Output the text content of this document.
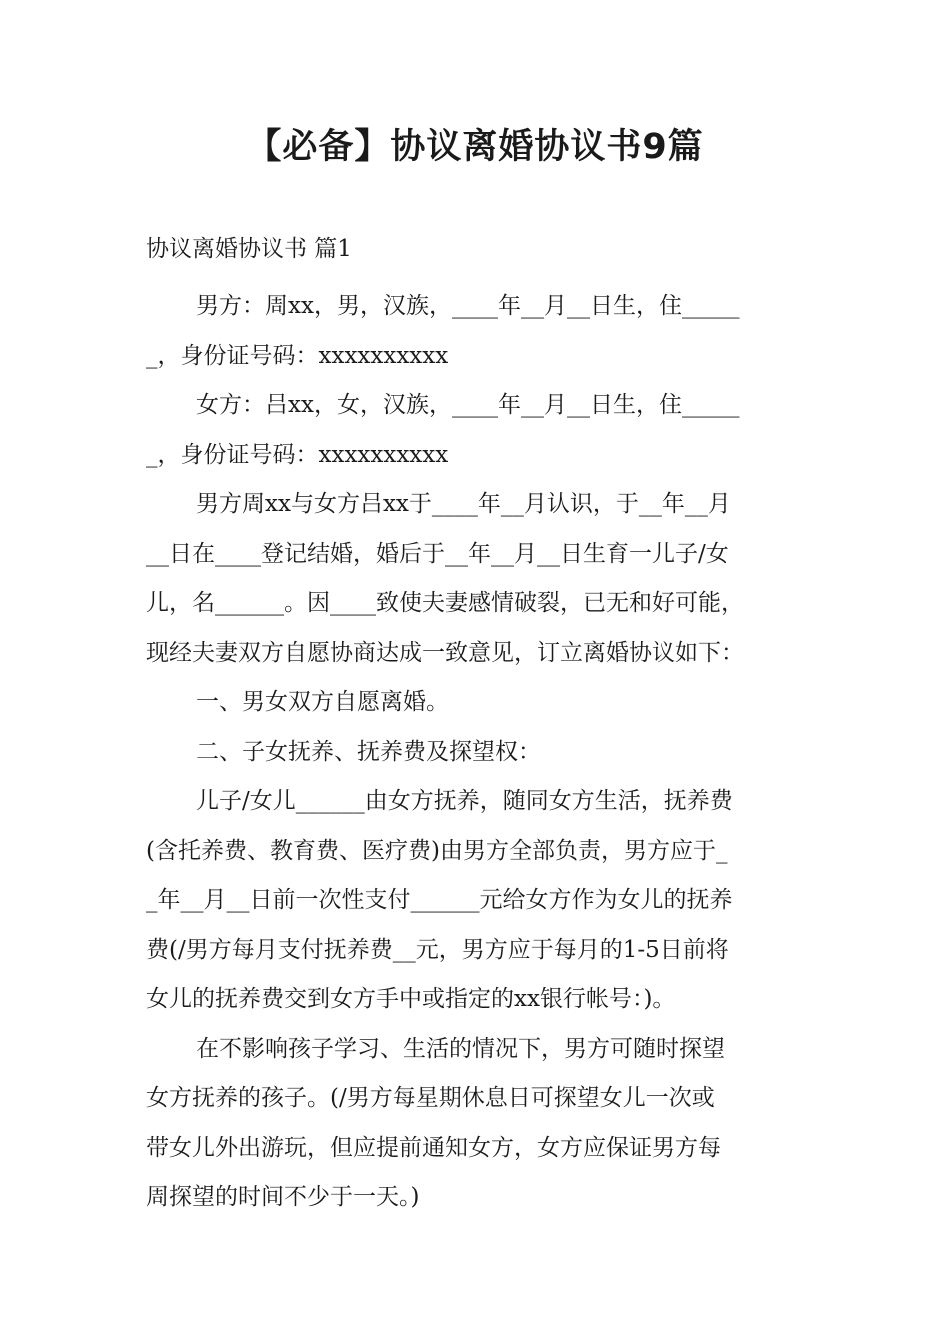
【必备】协议离婚协议书9篇
协议离婚协议书 篇1
男方：周xx，男，汉族，____年__月__日生，住_____
_，身份证号码：xxxxxxxxxx
女方：吕xx，女，汉族，____年__月__日生，住_____
_，身份证号码：xxxxxxxxxx
男方周xx与女方吕xx于____年__月认识，于__年__月
__日在____登记结婚，婚后于__年__月__日生育一儿子/女
儿，名______。因____致使夫妻感情破裂，已无和好可能，
现经夫妻双方自愿协商达成一致意见，订立离婚协议如下：
一、男女双方自愿离婚。
二、子女抚养、抚养费及探望权：
儿子/女儿______由女方抚养，随同女方生活，抚养费
(含托养费、教育费、医疗费)由男方全部负责，男方应于_
_年__月__日前一次性支付______元给女方作为女儿的抚养
费(/男方每月支付抚养费__元，男方应于每月的1-5日前将
女儿的抚养费交到女方手中或指定的xx银行帐号：)。
在不影响孩子学习、生活的情况下，男方可随时探望
女方抚养的孩子。(/男方每星期休息日可探望女儿一次或
带女儿外出游玩，但应提前通知女方，女方应保证男方每
周探望的时间不少于一天。)
